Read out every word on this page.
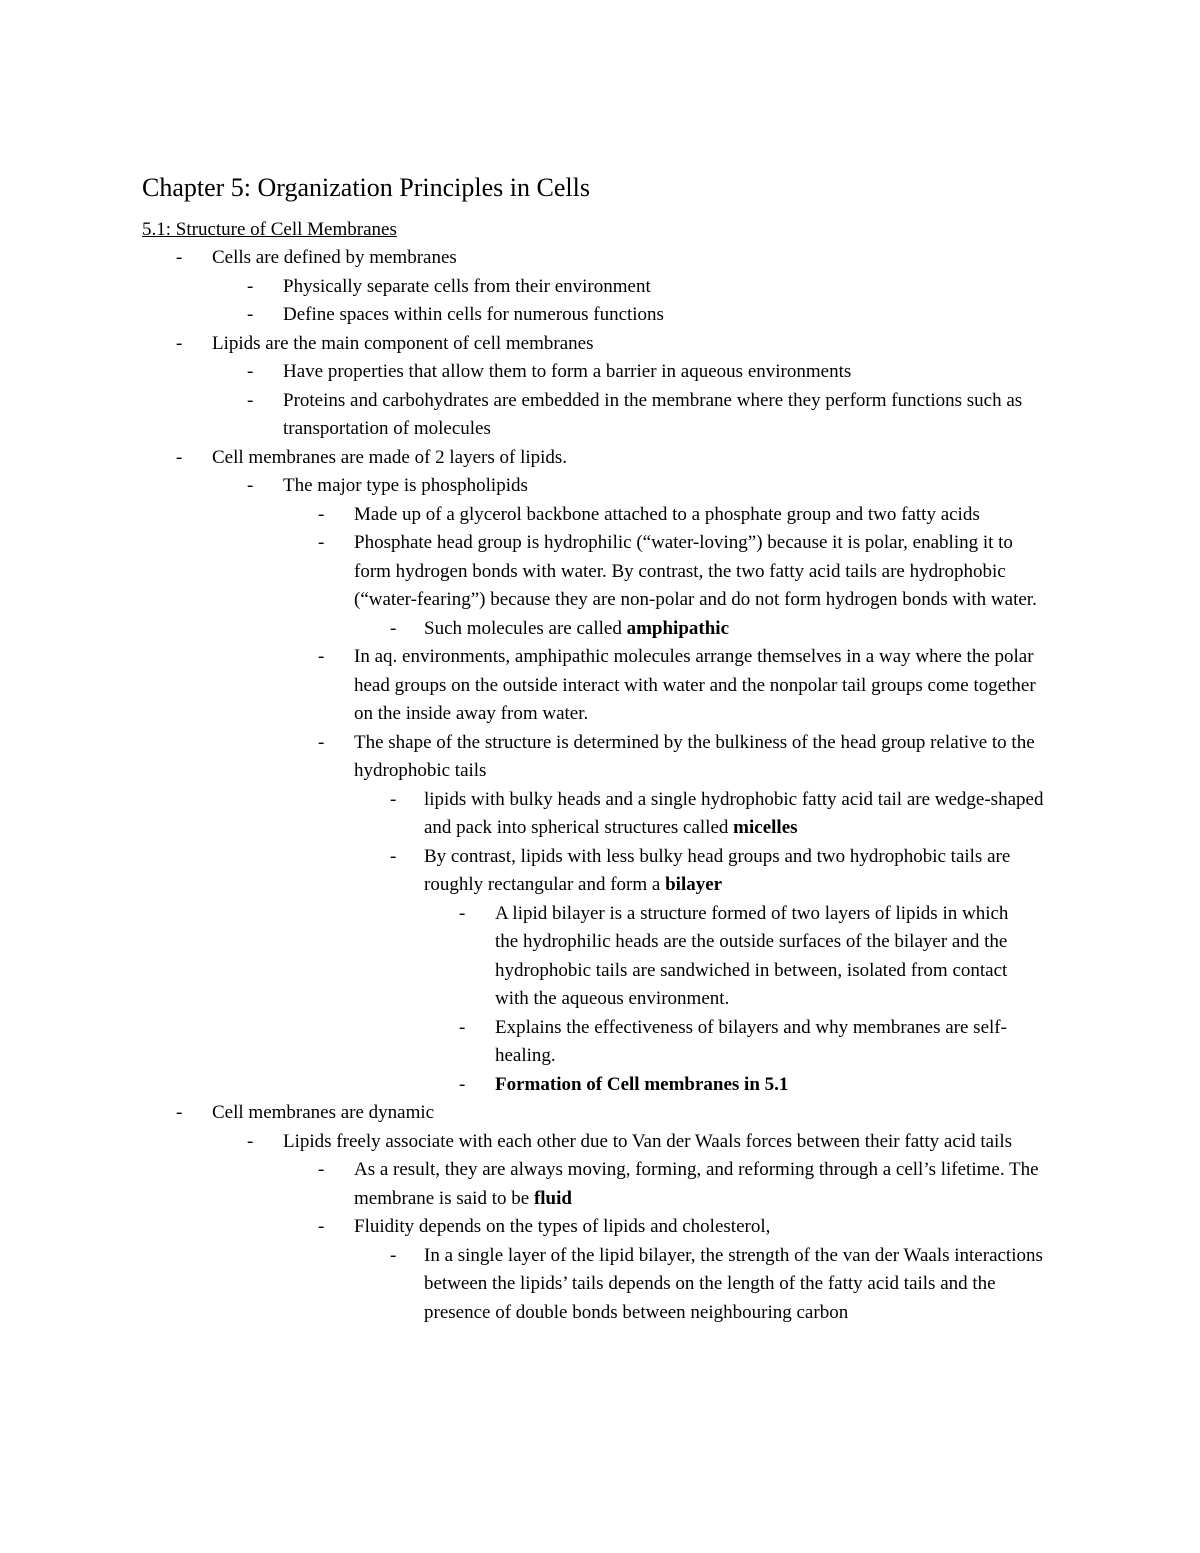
Chapter 5: Organization Principles in Cells
5.1: Structure of Cell Membranes
- Cells are defined by membranes
- Physically separate cells from their environment
- Define spaces within cells for numerous functions
- Lipids are the main component of cell membranes
- Have properties that allow them to form a barrier in aqueous environments
- Proteins and carbohydrates are embedded in the membrane where they perform functions such as transportation of molecules
- Cell membranes are made of 2 layers of lipids.
- The major type is phospholipids
- Made up of a glycerol backbone attached to a phosphate group and two fatty acids
- Phosphate head group is hydrophilic (“water-loving”) because it is polar, enabling it to form hydrogen bonds with water. By contrast, the two fatty acid tails are hydrophobic (“water-fearing”) because they are non-polar and do not form hydrogen bonds with water.
- Such molecules are called amphipathic
- In aq. environments, amphipathic molecules arrange themselves in a way where the polar head groups on the outside interact with water and the nonpolar tail groups come together on the inside away from water.
- The shape of the structure is determined by the bulkiness of the head group relative to the hydrophobic tails
- lipids with bulky heads and a single hydrophobic fatty acid tail are wedge-shaped and pack into spherical structures called micelles
- By contrast, lipids with less bulky head groups and two hydrophobic tails are roughly rectangular and form a bilayer
- A lipid bilayer is a structure formed of two layers of lipids in which the hydrophilic heads are the outside surfaces of the bilayer and the hydrophobic tails are sandwiched in between, isolated from contact with the aqueous environment.
- Explains the effectiveness of bilayers and why membranes are self-healing.
- Formation of Cell membranes in 5.1
- Cell membranes are dynamic
- Lipids freely associate with each other due to Van der Waals forces between their fatty acid tails
- As a result, they are always moving, forming, and reforming through a cell’s lifetime. The membrane is said to be fluid
- Fluidity depends on the types of lipids and cholesterol,
- In a single layer of the lipid bilayer, the strength of the van der Waals interactions between the lipids’ tails depends on the length of the fatty acid tails and the presence of double bonds between neighbouring carbon
